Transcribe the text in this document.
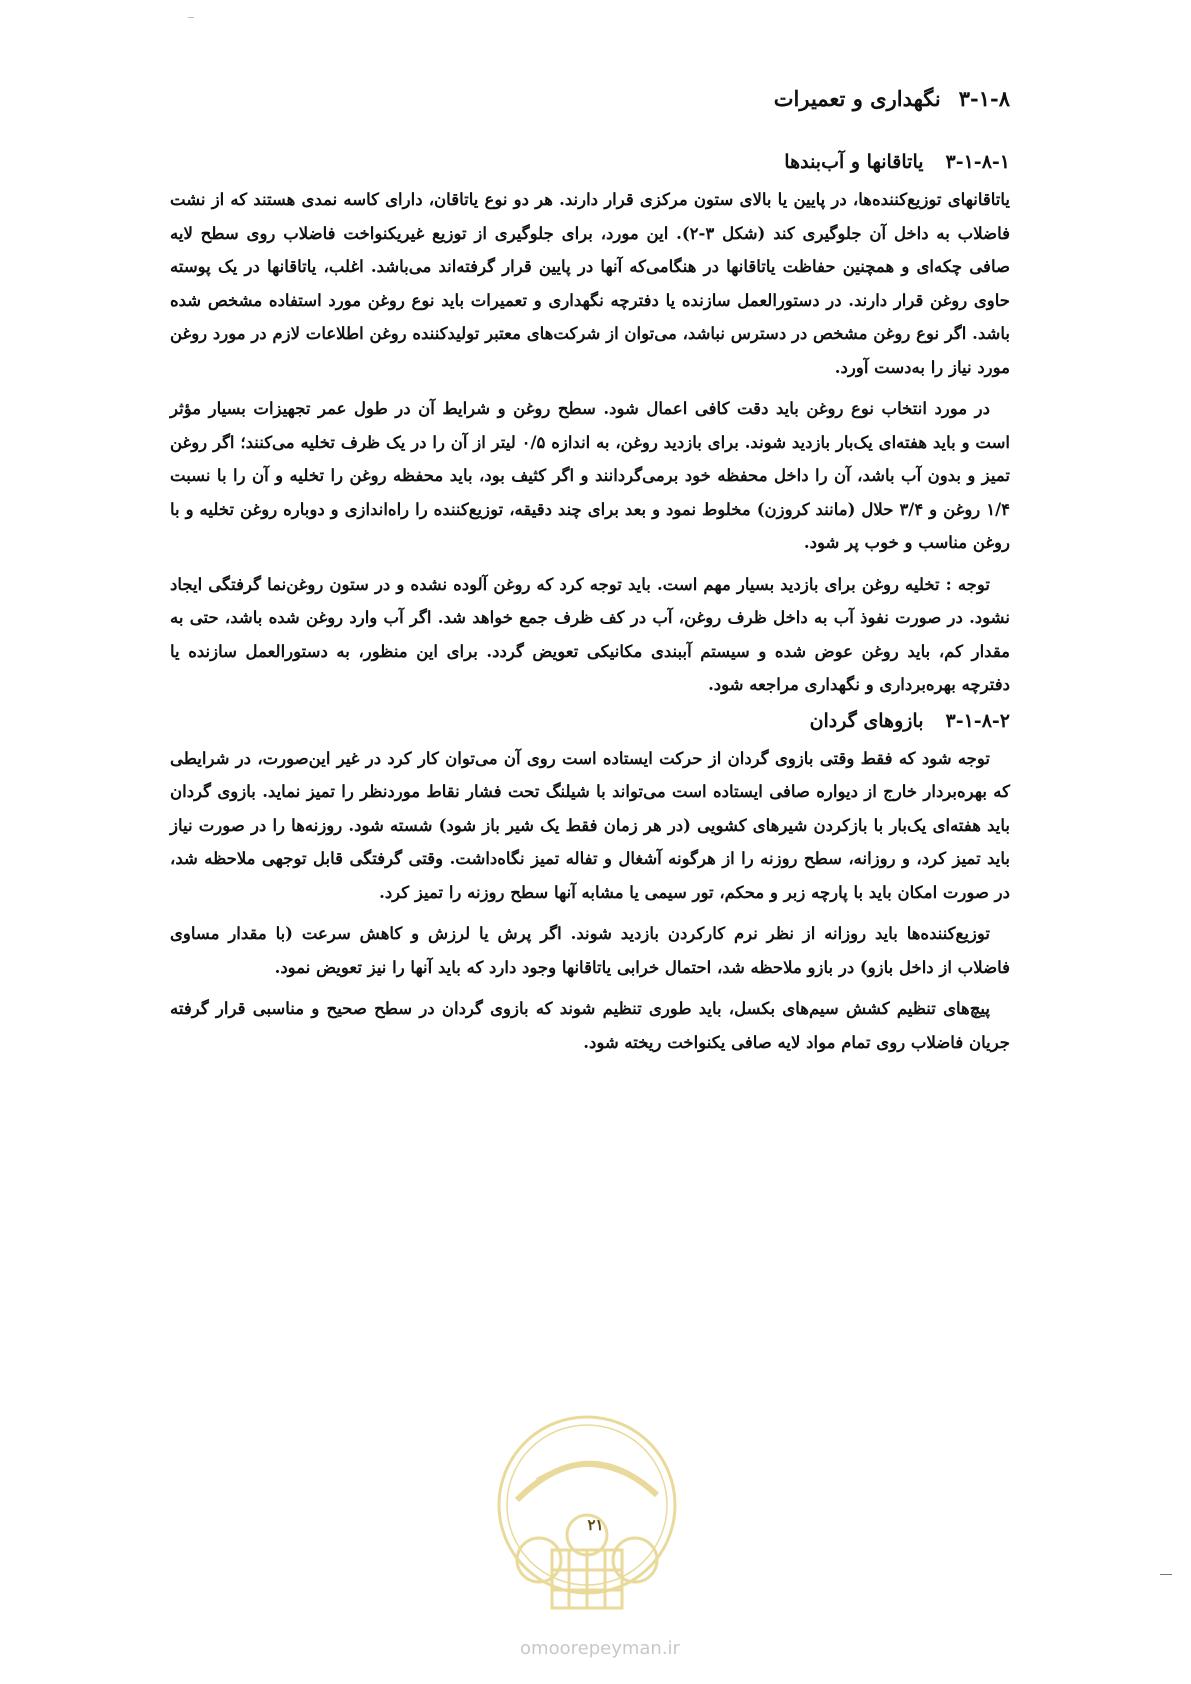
۳-۱-۸
نگهداری و تعمیرات
۳-۱-۸-۱
یاتاقانها و آب‌بندها

یاتاقانهای توزیع‌کننده‌ها، در پایین یا بالای ستون مرکزی قرار دارند. هر دو نوع یاتاقان، دارای کاسه نمدی هستند که از نشت فاضلاب به داخل آن جلوگیری کند (شکل ۳-۲). این مورد، برای جلوگیری از توزیع غیریکنواخت فاضلاب روی سطح لایه صافی چکه‌ای و همچنین حفاظت یاتاقانها در هنگامی‌که آنها در پایین قرار گرفته‌اند می‌باشد. اغلب، یاتاقانها در یک پوسته حاوی روغن قرار دارند. در دستورالعمل سازنده یا دفترچه نگهداری و تعمیرات باید نوع روغن مورد استفاده مشخص شده باشد. اگر نوع روغن مشخص در دسترس نباشد، می‌توان از شرکت‌های معتبر تولیدکننده روغن اطلاعات لازم در مورد روغن مورد نیاز را به‌دست آورد.

در مورد انتخاب نوع روغن باید دقت کافی اعمال شود. سطح روغن و شرایط آن در طول عمر تجهیزات بسیار مؤثر است و باید هفته‌ای یک‌بار بازدید شوند. برای بازدید روغن، به اندازه ۰/۵ لیتر از آن را در یک ظرف تخلیه می‌کنند؛ اگر روغن تمیز و بدون آب باشد، آن را داخل محفظه خود برمی‌گردانند و اگر کثیف بود، باید محفظه روغن را تخلیه و آن را با نسبت ۱/۴ روغن و ۳/۴ حلال (مانند کروزن) مخلوط نمود و بعد برای چند دقیقه، توزیع‌کننده را راه‌اندازی و دوباره روغن تخلیه و با روغن مناسب و خوب پر شود.

توجه : تخلیه روغن برای بازدید بسیار مهم است. باید توجه کرد که روغن آلوده نشده و در ستون روغن‌نما گرفتگی ایجاد نشود. در صورت نفوذ آب به داخل ظرف روغن، آب در کف ظرف جمع خواهد شد. اگر آب وارد روغن شده باشد، حتی به مقدار کم، باید روغن عوض شده و سیستم آببندی مکانیکی تعویض گردد. برای این منظور، به دستورالعمل سازنده یا دفترچه بهره‌برداری و نگهداری مراجعه شود.

۳-۱-۸-۲
بازوهای گردان

توجه شود که فقط وقتی بازوی گردان از حرکت ایستاده است روی آن می‌توان کار کرد در غیر این‌صورت، در شرایطی که بهره‌بردار خارج از دیواره صافی ایستاده است می‌تواند با شیلنگ تحت فشار نقاط موردنظر را تمیز نماید. بازوی گردان باید هفته‌ای یک‌بار با بازکردن شیرهای کشویی (در هر زمان فقط یک شیر باز شود) شسته شود. روزنه‌ها را در صورت نیاز باید تمیز کرد، و روزانه، سطح روزنه را از هرگونه آشغال و تفاله تمیز نگاه‌داشت. وقتی گرفتگی قابل توجهی ملاحظه شد، در صورت امکان باید با پارچه زبر و محکم، تور سیمی یا مشابه آنها سطح روزنه را تمیز کرد.

توزیع‌کننده‌ها باید روزانه از نظر نرم کارکردن بازدید شوند. اگر پرش یا لرزش و کاهش سرعت (با مقدار مساوی فاضلاب از داخل بازو) در بازو ملاحظه شد، احتمال خرابی یاتاقانها وجود دارد که باید آنها را نیز تعویض نمود.

پیچ‌های تنظیم کشش سیم‌های بکسل، باید طوری تنظیم شوند که بازوی گردان در سطح صحیح و مناسبی قرار گرفته جریان فاضلاب روی تمام مواد لایه صافی یکنواخت ریخته شود.

۲۱
omoorepeyman.ir
